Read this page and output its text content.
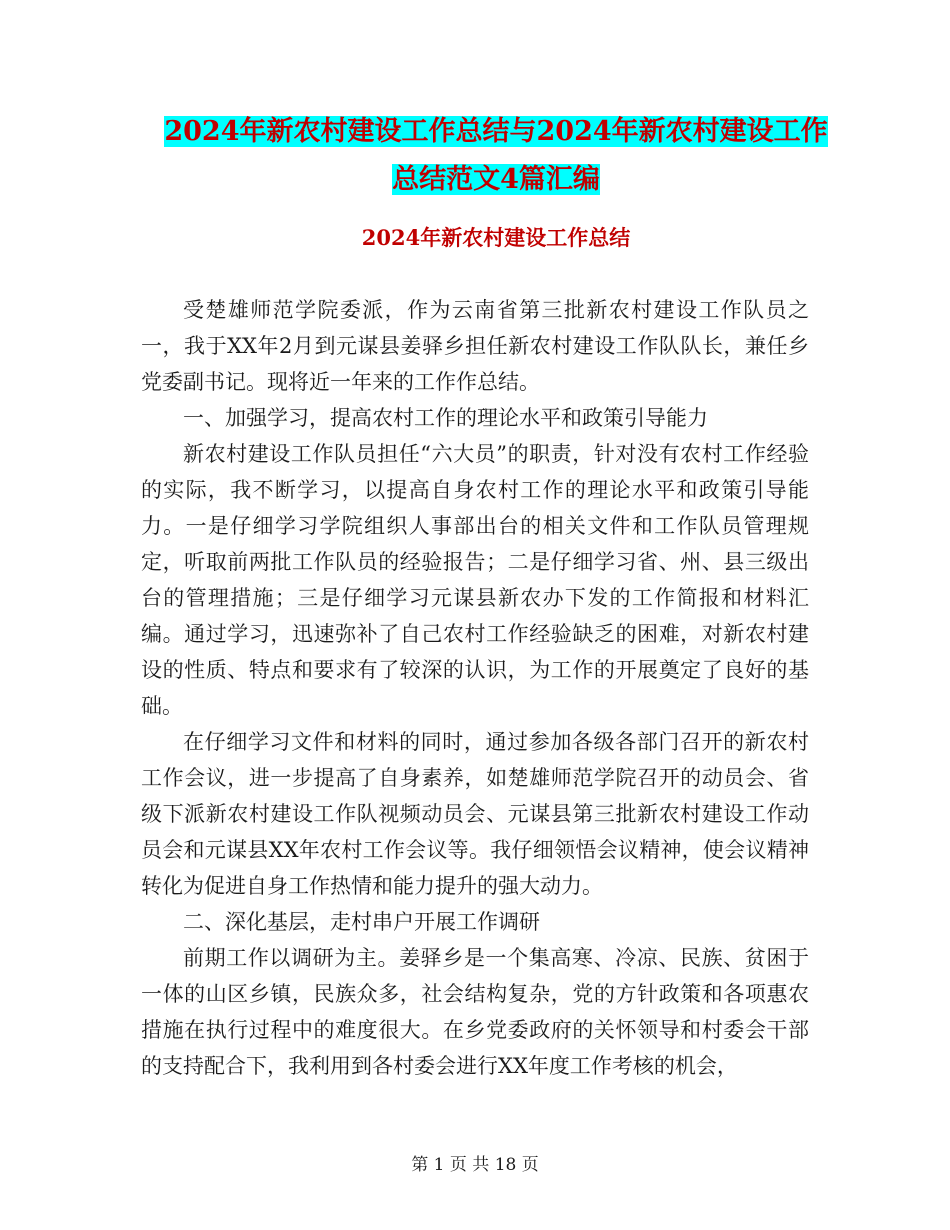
2024年新农村建设工作总结与2024年新农村建设工作
总结范文4篇汇编
2024年新农村建设工作总结

受楚雄师范学院委派，作为云南省第三批新农村建设工作队员之一，我于XX年2月到元谋县姜驿乡担任新农村建设工作队队长，兼任乡党委副书记。现将近一年来的工作作总结。

一、加强学习，提高农村工作的理论水平和政策引导能力

新农村建设工作队员担任“六大员”的职责，针对没有农村工作经验的实际，我不断学习，以提高自身农村工作的理论水平和政策引导能力。一是仔细学习学院组织人事部出台的相关文件和工作队员管理规定，听取前两批工作队员的经验报告；二是仔细学习省、州、县三级出台的管理措施；三是仔细学习元谋县新农办下发的工作简报和材料汇编。通过学习，迅速弥补了自己农村工作经验缺乏的困难，对新农村建设的性质、特点和要求有了较深的认识，为工作的开展奠定了良好的基础。

在仔细学习文件和材料的同时，通过参加各级各部门召开的新农村工作会议，进一步提高了自身素养，如楚雄师范学院召开的动员会、省级下派新农村建设工作队视频动员会、元谋县第三批新农村建设工作动员会和元谋县XX年农村工作会议等。我仔细领悟会议精神，使会议精神转化为促进自身工作热情和能力提升的强大动力。

二、深化基层，走村串户开展工作调研

前期工作以调研为主。姜驿乡是一个集高寒、冷凉、民族、贫困于一体的山区乡镇，民族众多，社会结构复杂，党的方针政策和各项惠农措施在执行过程中的难度很大。在乡党委政府的关怀领导和村委会干部的支持配合下，我利用到各村委会进行XX年度工作考核的机会，

第 1 页 共 18 页
